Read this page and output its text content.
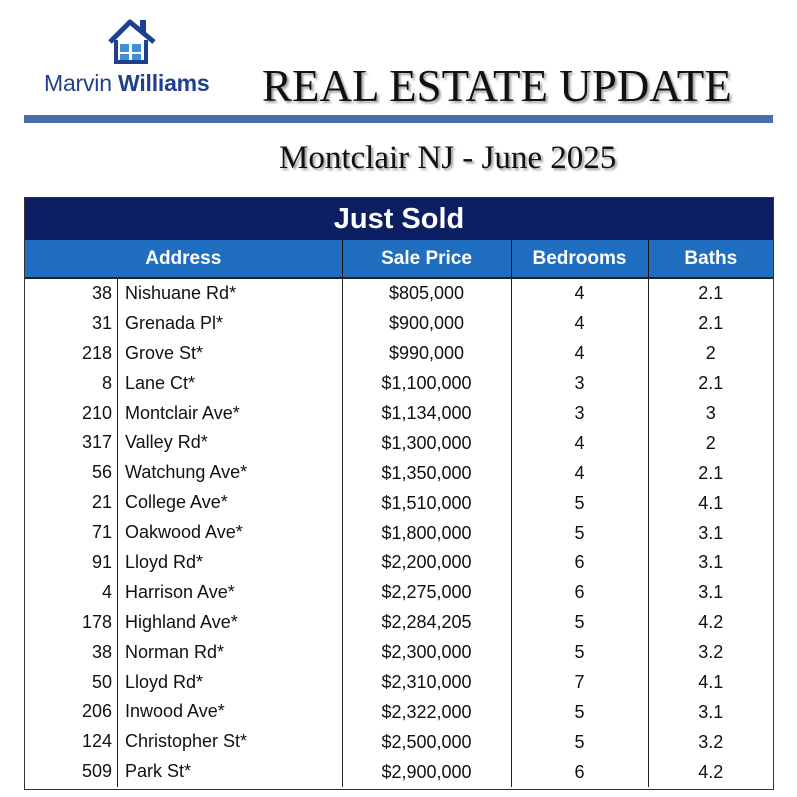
Marvin Williams REAL ESTATE UPDATE
Montclair NJ - June 2025
Just Sold
Address	Sale Price	Bedrooms	Baths

38 Nishuane Rd*	$805,000	4	2.1

31 Grenada Pl*	$900,000	4	2.1

218 Grove St*	$990,000	4	2

8 Lane Ct*	$1,100,000	3	2.1

210 Montclair Ave*	$1,134,000	3	3

317 Valley Rd*	$1,300,000	4	2

56 Watchung Ave*	$1,350,000	4	2.1

21 College Ave*	$1,510,000	5	4.1

71 Oakwood Ave*	$1,800,000	5	3.1

91 Lloyd Rd*	$2,200,000	6	3.1

4 Harrison Ave*	$2,275,000	6	3.1

178 Highland Ave*	$2,284,205	5	4.2

38 Norman Rd*	$2,300,000	5	3.2

50 Lloyd Rd*	$2,310,000	7	4.1

206 Inwood Ave*	$2,322,000	5	3.1

124 Christopher St*	$2,500,000	5	3.2

509 Park St*	$2,900,000	6	4.2
